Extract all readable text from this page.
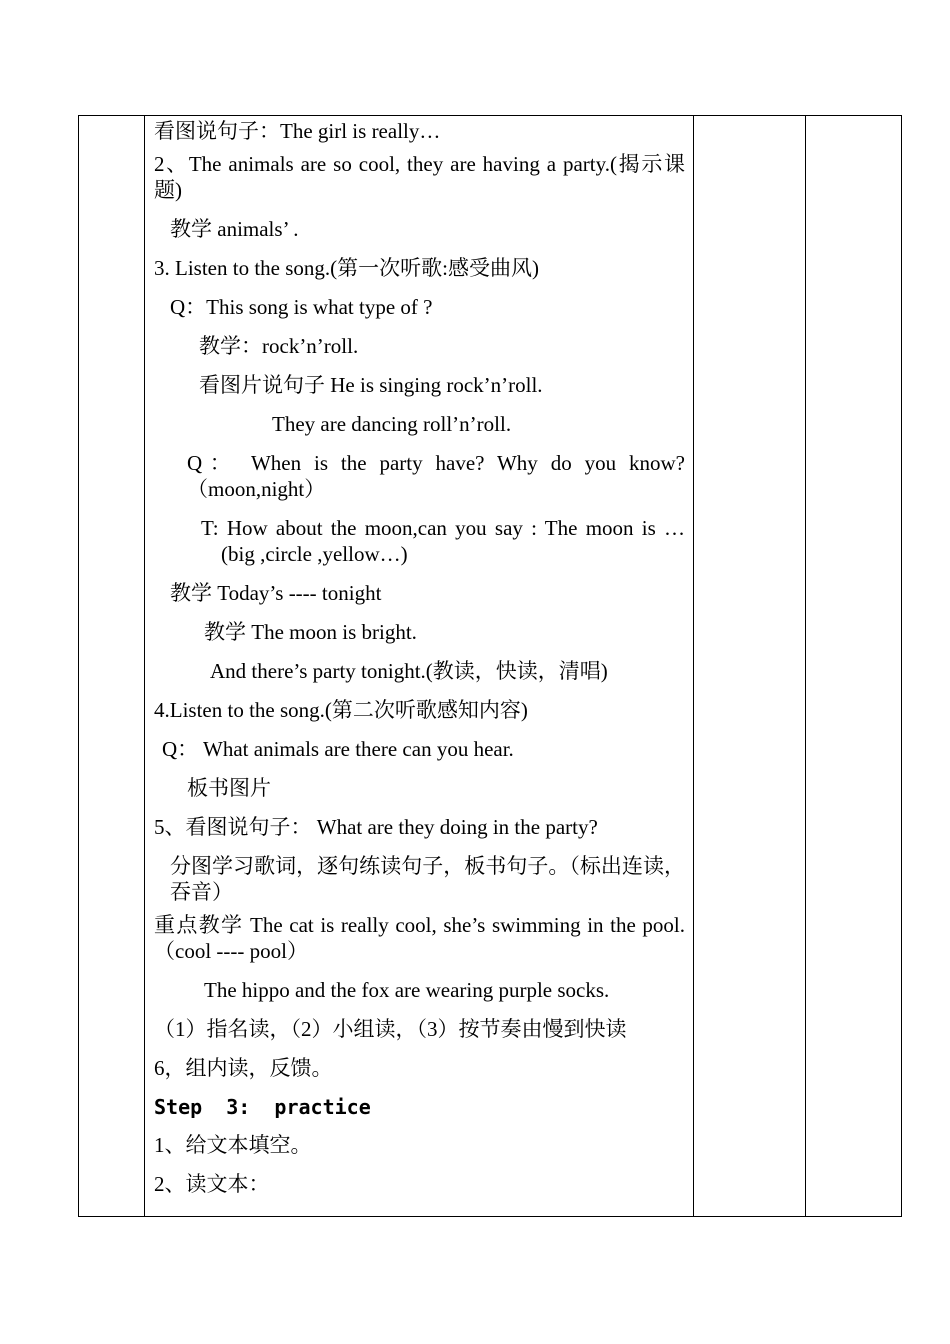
看图说句子：The girl is really…

2、The animals are so cool, they are having a party.(揭示课题)

教学 animals’ .

3. Listen to the song.(第一次听歌:感受曲风)

Q：This song is what type of ?

教学：rock’n’roll.

看图片说句子 He is singing rock’n’roll.

They are dancing roll’n’roll.

Q： When is the party have? Why do you know?（moon,night）

T: How about the moon,can you say : The moon is … (big ,circle ,yellow…)

教学 Today’s ---- tonight

教学 The moon is bright.

And there’s party tonight.(教读，快读，清唱)

4.Listen to the song.(第二次听歌感知内容)

Q： What animals are there can you hear.

板书图片

5、看图说句子： What are they doing in the party?

分图学习歌词，逐句练读句子，板书句子。（标出连读，吞音）

重点教学 The cat is really cool, she’s swimming in the pool. （cool ---- pool）

The hippo and the fox are wearing purple socks.

（1）指名读，（2）小组读，（3）按节奏由慢到快读

6，组内读，反馈。

Step  3:  practice

1、给文本填空。

2、读文本：
